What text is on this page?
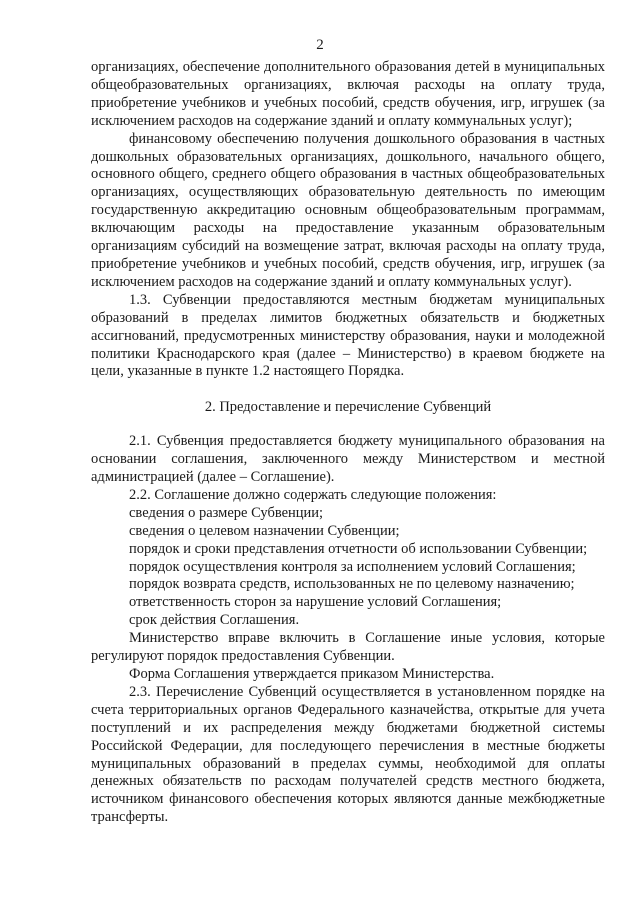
2

организациях, обеспечение дополнительного образования детей в муниципальных общеобразовательных организациях, включая расходы на оплату труда, приобретение учебников и учебных пособий, средств обучения, игр, игрушек (за исключением расходов на содержание зданий и оплату коммунальных услуг);

финансовому обеспечению получения дошкольного образования в частных дошкольных образовательных организациях, дошкольного, начального общего, основного общего, среднего общего образования в частных общеобразовательных организациях, осуществляющих образовательную деятельность по имеющим государственную аккредитацию основным общеобразовательным программам, включающим расходы на предоставление указанным образовательным организациям субсидий на возмещение затрат, включая расходы на оплату труда, приобретение учебников и учебных пособий, средств обучения, игр, игрушек (за исключением расходов на содержание зданий и оплату коммунальных услуг).

1.3. Субвенции предоставляются местным бюджетам муниципальных образований в пределах лимитов бюджетных обязательств и бюджетных ассигнований, предусмотренных министерству образования, науки и молодежной политики Краснодарского края (далее – Министерство) в краевом бюджете на цели, указанные в пункте 1.2 настоящего Порядка.

2. Предоставление и перечисление Субвенций

2.1. Субвенция предоставляется бюджету муниципального образования на основании соглашения, заключенного между Министерством и местной администрацией (далее – Соглашение).

2.2. Соглашение должно содержать следующие положения:

сведения о размере Субвенции;

сведения о целевом назначении Субвенции;

порядок и сроки представления отчетности об использовании Субвенции;

порядок осуществления контроля за исполнением условий Соглашения;

порядок возврата средств, использованных не по целевому назначению;

ответственность сторон за нарушение условий Соглашения;

срок действия Соглашения.

Министерство вправе включить в Соглашение иные условия, которые регулируют порядок предоставления Субвенции.

Форма Соглашения утверждается приказом Министерства.

2.3. Перечисление Субвенций осуществляется в установленном порядке на счета территориальных органов Федерального казначейства, открытые для учета поступлений и их распределения между бюджетами бюджетной системы Российской Федерации, для последующего перечисления в местные бюджеты муниципальных образований в пределах суммы, необходимой для оплаты денежных обязательств по расходам получателей средств местного бюджета, источником финансового обеспечения которых являются данные межбюджетные трансферты.
